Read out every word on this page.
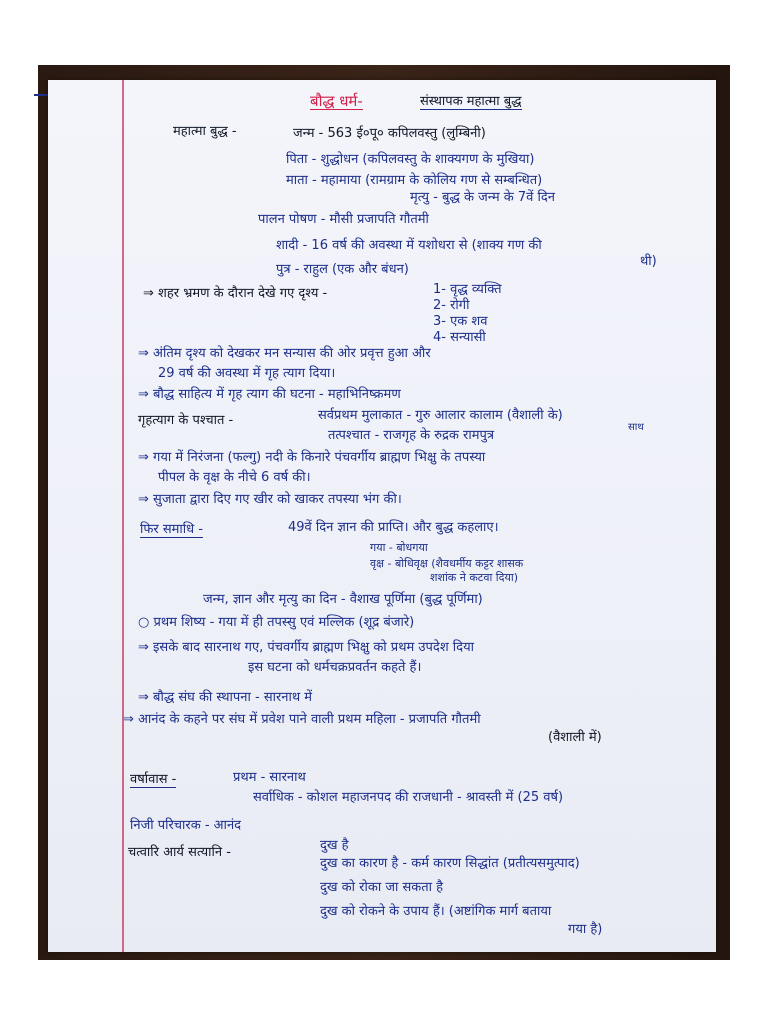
बौद्ध धर्म-	संस्थापक महात्मा बुद्ध
महात्मा बुद्ध -	जन्म - 563 ई०पू० कपिलवस्तु (लुम्बिनी)
पिता - शुद्धोधन (कपिलवस्तु के शाक्यगण के मुखिया)
माता - महामाया (रामग्राम के कोलिय गण से सम्बन्धित)
मृत्यु - बुद्ध के जन्म के 7वें दिन
पालन पोषण - मौसी प्रजापति गौतमी
शादी - 16 वर्ष की अवस्था में यशोधरा से (शाक्य गण की
थी)
पुत्र - राहुल (एक और बंधन)
⇒ शहर भ्रमण के दौरान देखे गए दृश्य -	1- वृद्ध व्यक्ति
2- रोगी
3- एक शव
4- सन्यासी
⇒ अंतिम दृश्य को देखकर मन सन्यास की ओर प्रवृत्त हुआ और
29 वर्ष की अवस्था में गृह त्याग दिया।
⇒ बौद्ध साहित्य में गृह त्याग की घटना - महाभिनिष्क्रमण
गृहत्याग के पश्चात -	सर्वप्रथम मुलाकात - गुरु आलार कालाम (वैशाली के)
तत्पश्चात - राजगृह के रुद्रक रामपुत्र
साथ
⇒ गया में निरंजना (फल्गु) नदी के किनारे पंचवर्गीय ब्राह्मण भिक्षु के तपस्या
पीपल के वृक्ष के नीचे 6 वर्ष की।
⇒ सुजाता द्वारा दिए गए खीर को खाकर तपस्या भंग की।
फिर समाधि -	49वें दिन ज्ञान की प्राप्ति। और बुद्ध कहलाए।
गया - बोधगया
वृक्ष - बोधिवृक्ष (शैवधर्मीय कट्टर शासक
शशांक ने कटवा दिया)
जन्म, ज्ञान और मृत्यु का दिन - वैशाख पूर्णिमा (बुद्ध पूर्णिमा)
○ प्रथम शिष्य - गया में ही तपस्सु एवं मल्लिक (शूद्र बंजारे)
⇒ इसके बाद सारनाथ गए, पंचवर्गीय ब्राह्मण भिक्षु को प्रथम उपदेश दिया
इस घटना को धर्मचक्रप्रवर्तन कहते हैं।
⇒ बौद्ध संघ की स्थापना - सारनाथ में
⇒ आनंद के कहने पर संघ में प्रवेश पाने वाली प्रथम महिला - प्रजापति गौतमी
(वैशाली में)
वर्षावास -	प्रथम - सारनाथ
सर्वाधिक - कोशल महाजनपद की राजधानी - श्रावस्ती में (25 वर्ष)
निजी परिचारक - आनंद
चत्वारि आर्य सत्यानि -	दुख है
दुख का कारण है - कर्म कारण सिद्धांत (प्रतीत्यसमुत्पाद)
दुख को रोका जा सकता है
दुख को रोकने के उपाय हैं। (अष्टांगिक मार्ग बताया
गया है)
